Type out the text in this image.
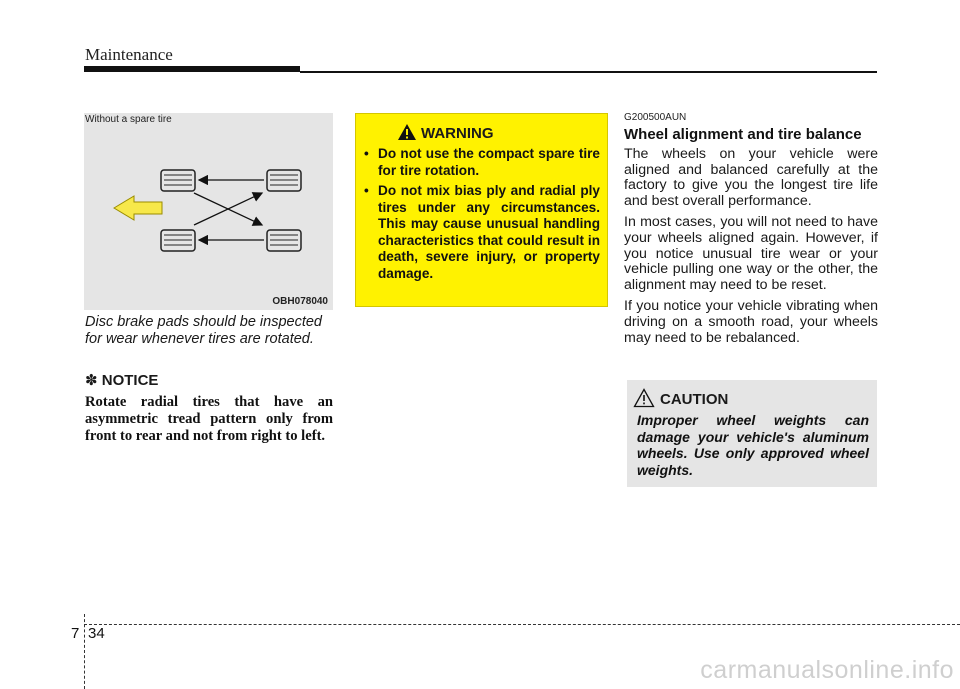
Maintenance
OBH078040
Without a spare tire
Disc brake pads should be inspected for wear whenever tires are rotated.
✽ NOTICE
Rotate radial tires that have an asymmetric tread pattern only from front to rear and not from right to left.
WARNING
• Do not use the compact spare tire for tire rotation.
• Do not mix bias ply and radial ply tires under any circumstances. This may cause unusual handling characteristics that could result in death, severe injury, or property damage.
G200500AUN
Wheel alignment and tire balance

The wheels on your vehicle were aligned and balanced carefully at the factory to give you the longest tire life and best overall performance.

In most cases, you will not need to have your wheels aligned again. However, if you notice unusual tire wear or your vehicle pulling one way or the other, the alignment may need to be reset.

If you notice your vehicle vibrating when driving on a smooth road, your wheels may need to be rebalanced.

CAUTION
Improper wheel weights can damage your vehicle's aluminum wheels. Use only approved wheel weights.
7 34
carmanualsonline.info
